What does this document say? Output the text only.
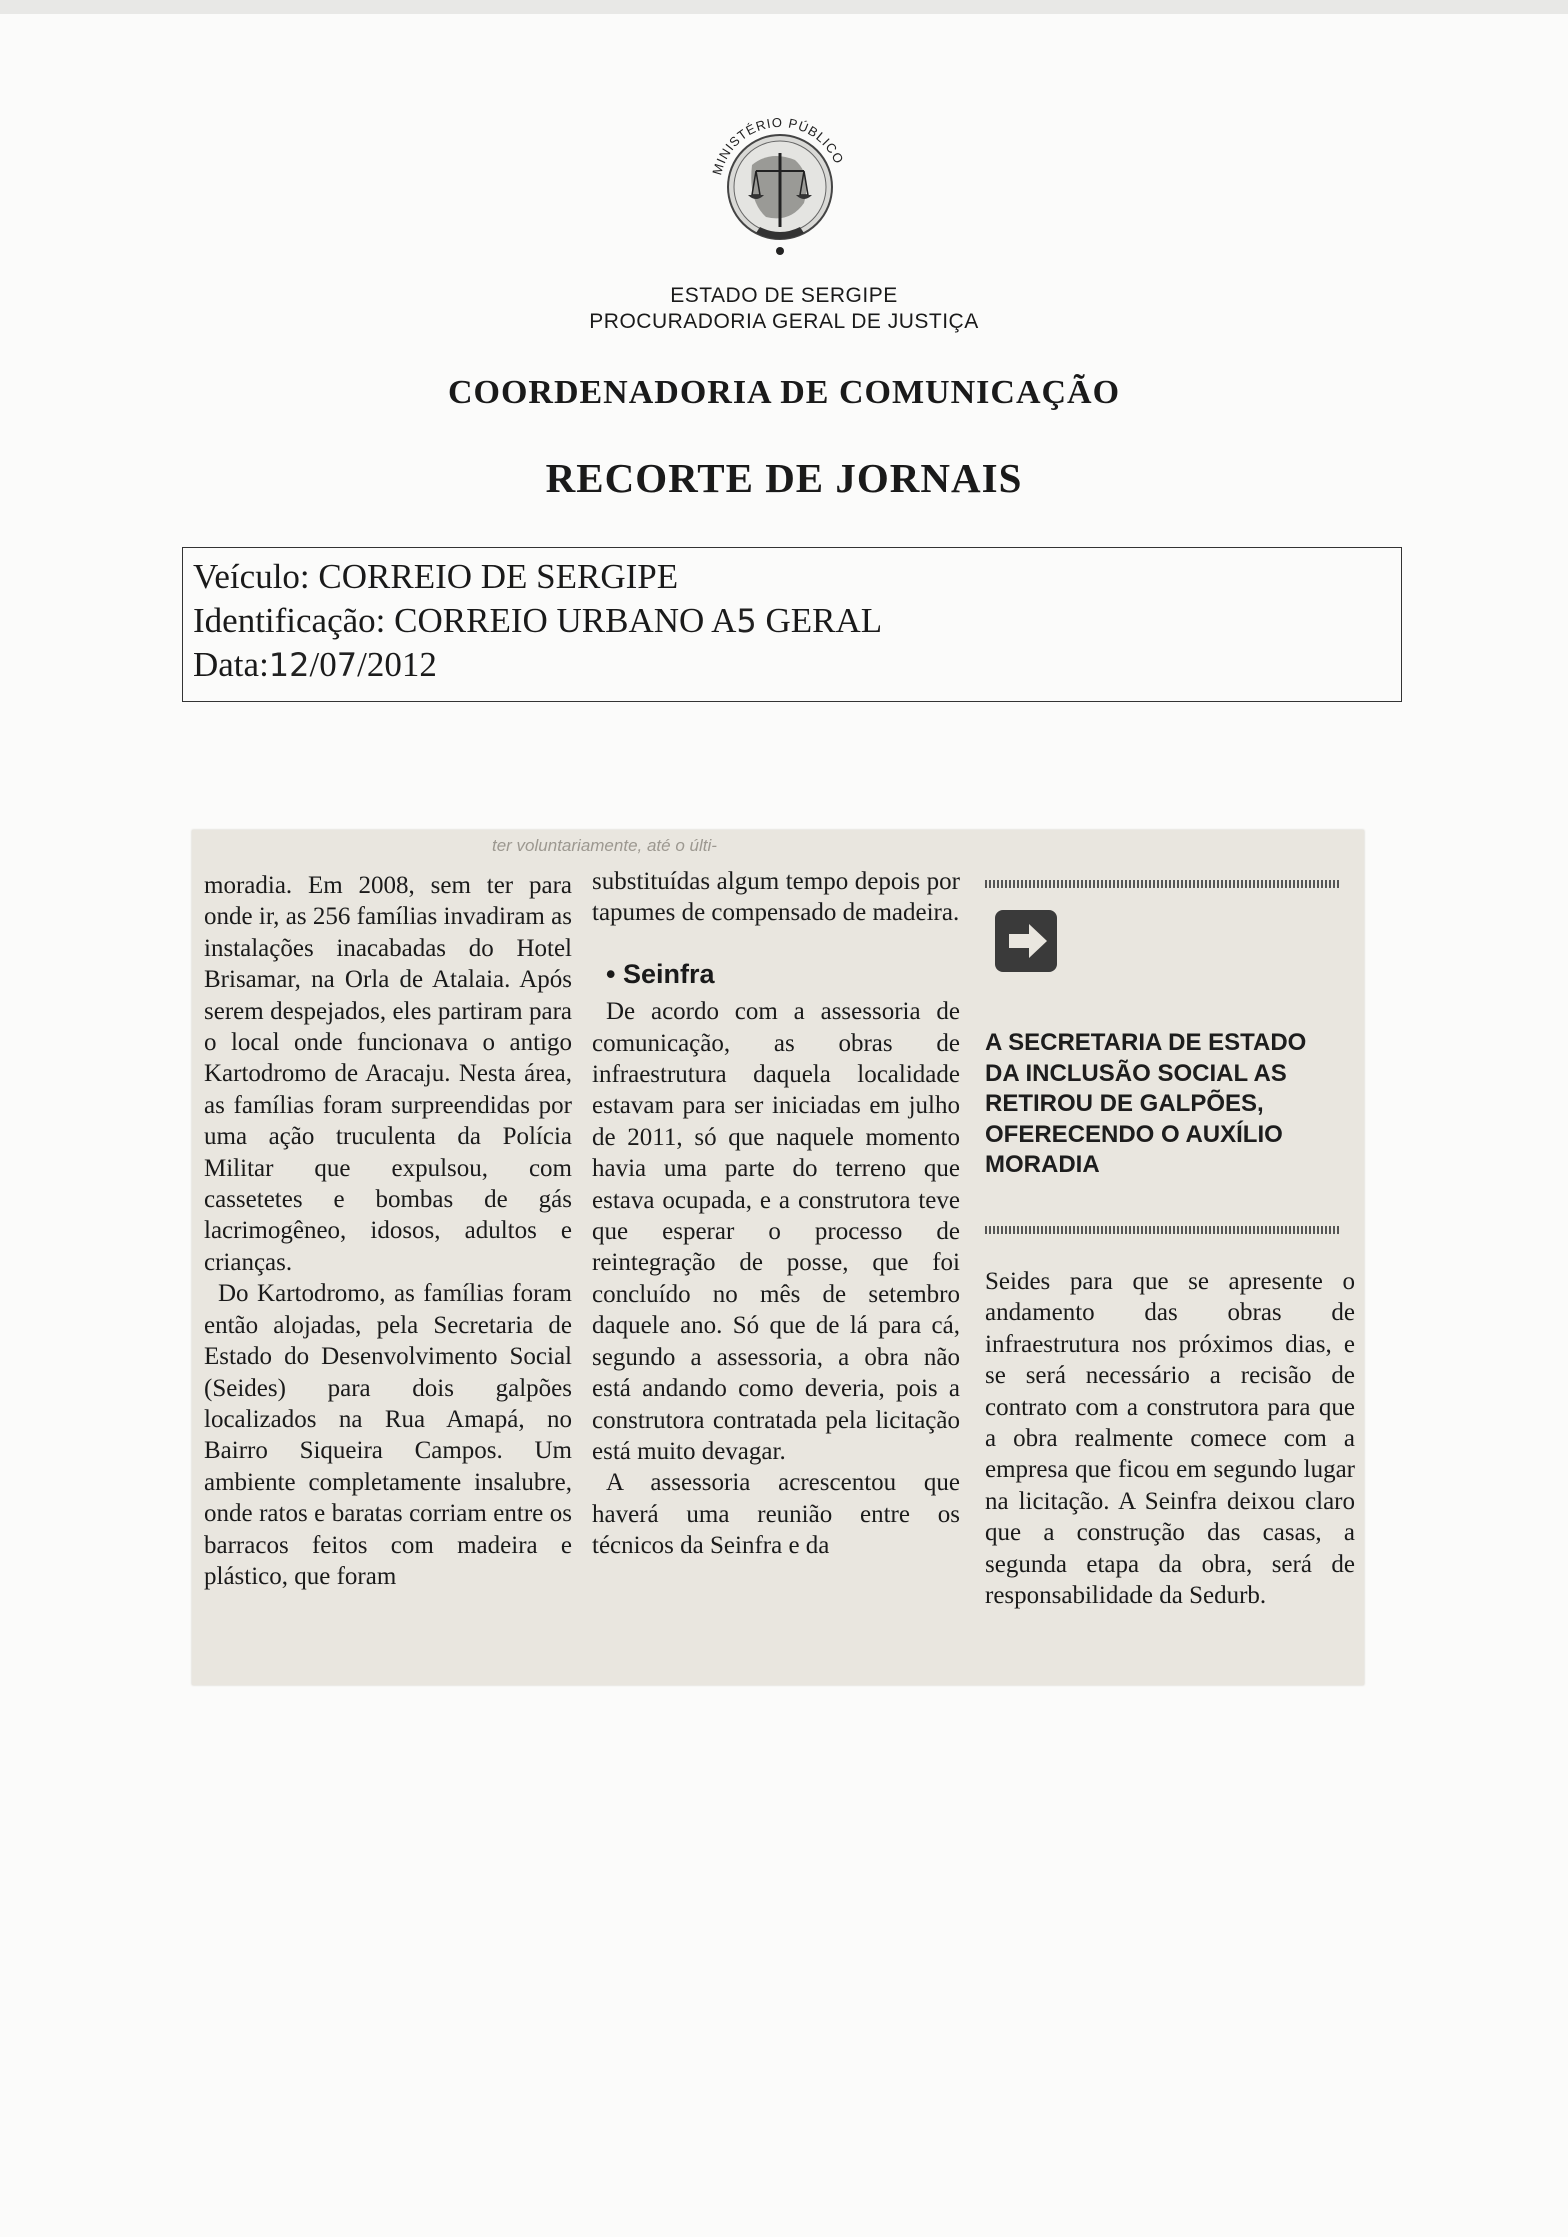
MINISTÉRIO PÚBLICO
ESTADO DE SERGIPE
PROCURADORIA GERAL DE JUSTIÇA
COORDENADORIA DE COMUNICAÇÃO
RECORTE DE JORNAIS
Veículo: CORREIO DE SERGIPE
Identificação: CORREIO URBANO A5 GERAL
Data:12/07/2012
ter voluntariamente, até o últi-

moradia. Em 2008, sem ter para onde ir, as 256 famílias invadiram as instalações inacabadas do Hotel Brisamar, na Orla de Atalaia. Após serem despejados, eles partiram para o local onde funcionava o antigo Kartodromo de Aracaju. Nesta área, as famílias foram surpreendidas por uma ação truculenta da Polícia Militar que expulsou, com cassetetes e bombas de gás lacrimogêneo, idosos, adultos e crianças.

Do Kartodromo, as famílias foram então alojadas, pela Secretaria de Estado do Desenvolvimento Social (Seides) para dois galpões localizados na Rua Amapá, no Bairro Siqueira Campos. Um ambiente completamente insalubre, onde ratos e baratas corriam entre os barracos feitos com madeira e plástico, que foram

substituídas algum tempo depois por tapumes de compensado de madeira.

• Seinfra

De acordo com a assessoria de comunicação, as obras de infraestrutura daquela localidade estavam para ser iniciadas em julho de 2011, só que naquele momento havia uma parte do terreno que estava ocupada, e a construtora teve que esperar o processo de reintegração de posse, que foi concluído no mês de setembro daquele ano. Só que de lá para cá, segundo a assessoria, a obra não está andando como deveria, pois a construtora contratada pela licitação está muito devagar.

A assessoria acrescentou que haverá uma reunião entre os técnicos da Seinfra e da

A SECRETARIA DE ESTADO DA INCLUSÃO SOCIAL AS RETIROU DE GALPÕES, OFERECENDO O AUXÍLIO MORADIA

Seides para que se apresente o andamento das obras de infraestrutura nos próximos dias, e se será necessário a recisão de contrato com a construtora para que a obra realmente comece com a empresa que ficou em segundo lugar na licitação. A Seinfra deixou claro que a construção das casas, a segunda etapa da obra, será de responsabilidade da Sedurb.
